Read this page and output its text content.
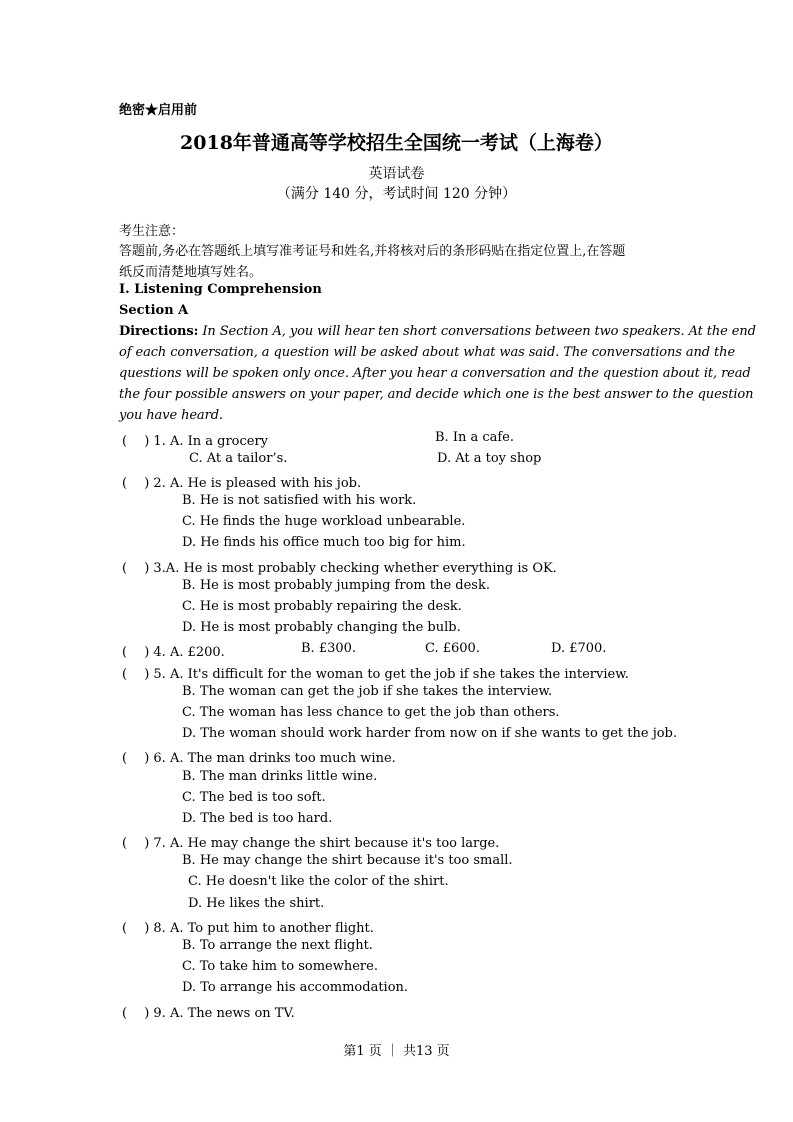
绝密★启用前
2018年普通高等学校招生全国统一考试（上海卷）
英语试卷
（满分 140 分，考试时间 120 分钟）
考生注意：
答题前,务必在答题纸上填写准考证号和姓名,并将核对后的条形码贴在指定位置上,在答题
纸反而清楚地填写姓名。
I. Listening Comprehension
Section A
Directions: In Section A, you will hear ten short conversations between two speakers. At the end
of each conversation, a question will be asked about what was said. The conversations and the
questions will be spoken only once. After you hear a conversation and the question about it, read
the four possible answers on your paper, and decide which one is the best answer to the question
you have heard.
(　 ) 1. A. In a grocery	B. In a cafe.
C. At a tailor’s.	D. At a toy shop
(　 ) 2. A. He is pleased with his job.
B. He is not satisfied with his work.
C. He finds the huge workload unbearable.
D. He finds his office much too big for him.
(　 ) 3.A. He is most probably checking whether everything is OK.
B. He is most probably jumping from the desk.
C. He is most probably repairing the desk.
D. He is most probably changing the bulb.
(　 ) 4. A. £200.	B. £300.	C. £600.	D. £700.
(　 ) 5. A. It's difficult for the woman to get the job if she takes the interview.
B. The woman can get the job if she takes the interview.
C. The woman has less chance to get the job than others.
D. The woman should work harder from now on if she wants to get the job.
(　 ) 6. A. The man drinks too much wine.
B. The man drinks little wine.
C. The bed is too soft.
D. The bed is too hard.
(　 ) 7. A. He may change the shirt because it's too large.
B. He may change the shirt because it's too small.
C. He doesn't like the color of the shirt.
D. He likes the shirt.
(　 ) 8. A. To put him to another flight.
B. To arrange the next flight.
C. To take him to somewhere.
D. To arrange his accommodation.
(　 ) 9. A. The news on TV.
第1 页 ｜ 共13 页
